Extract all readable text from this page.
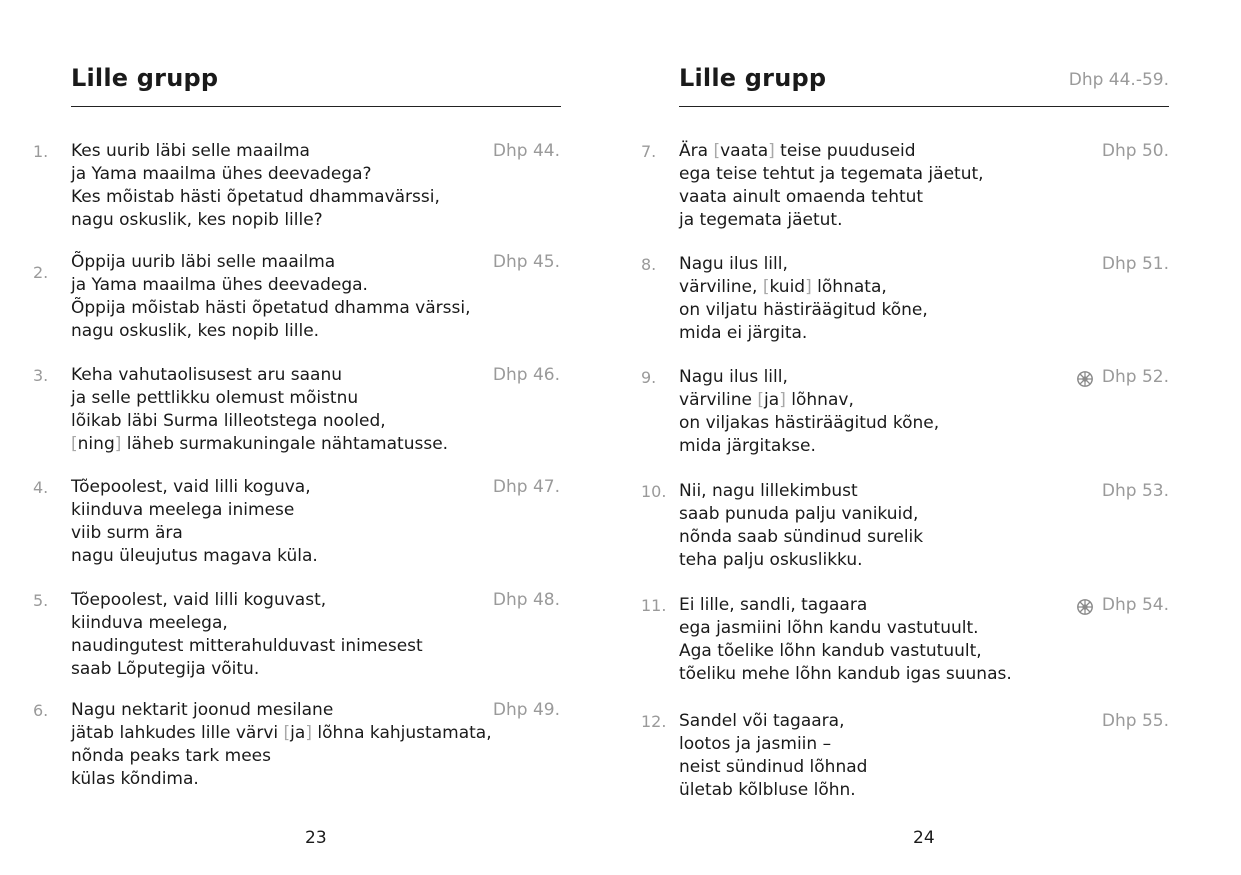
Lille grupp
1. Kes uurib läbi selle maailma
ja Yama maailma ühes deevadega?
Kes mõistab hästi õpetatud dhammavärssi,
nagu oskuslik, kes nopib lille?
Dhp 44.
2.
Õppija uurib läbi selle maailma
ja Yama maailma ühes deevadega.
Õppija mõistab hästi õpetatud dhamma värssi,
nagu oskuslik, kes nopib lille.
Dhp 45.
3. Keha vahutaolisusest aru saanu
ja selle pettlikku olemust mõistnu
lõikab läbi Surma lilleotstega nooled,
[ning] läheb surmakuningale nähtamatusse.
Dhp 46.
4. Tõepoolest, vaid lilli koguva,
kiinduva meelega inimese
viib surm ära
nagu üleujutus magava küla.
Dhp 47.
5. Tõepoolest, vaid lilli koguvast,
kiinduva meelega,
naudingutest mitterahulduvast inimesest
saab Lõputegija võitu.
Dhp 48.
6. Nagu nektarit joonud mesilane
jätab lahkudes lille värvi [ja] lõhna kahjustamata,
nõnda peaks tark mees
külas kõndima.
Dhp 49.
23
Lille grupp	Dhp 44.-59.
7. Ära [vaata] teise puuduseid
ega teise tehtut ja tegemata jäetut,
vaata ainult omaenda tehtut
ja tegemata jäetut.
Dhp 50.
8. Nagu ilus lill,
värviline, [kuid] lõhnata,
on viljatu hästiräägitud kõne,
mida ei järgita.
Dhp 51.
9. Nagu ilus lill,
värviline [ja] lõhnav,
on viljakas hästiräägitud kõne,
mida järgitakse.
Dhp 52.
10. Nii, nagu lillekimbust
saab punuda palju vanikuid,
nõnda saab sündinud surelik
teha palju oskuslikku.
Dhp 53.
11. Ei lille, sandli, tagaara
ega jasmiini lõhn kandu vastutuult.
Aga tõelike lõhn kandub vastutuult,
tõeliku mehe lõhn kandub igas suunas.
Dhp 54.
12. Sandel või tagaara,
lootos ja jasmiin –
neist sündinud lõhnad
ületab kõlbluse lõhn.
Dhp 55.
24
